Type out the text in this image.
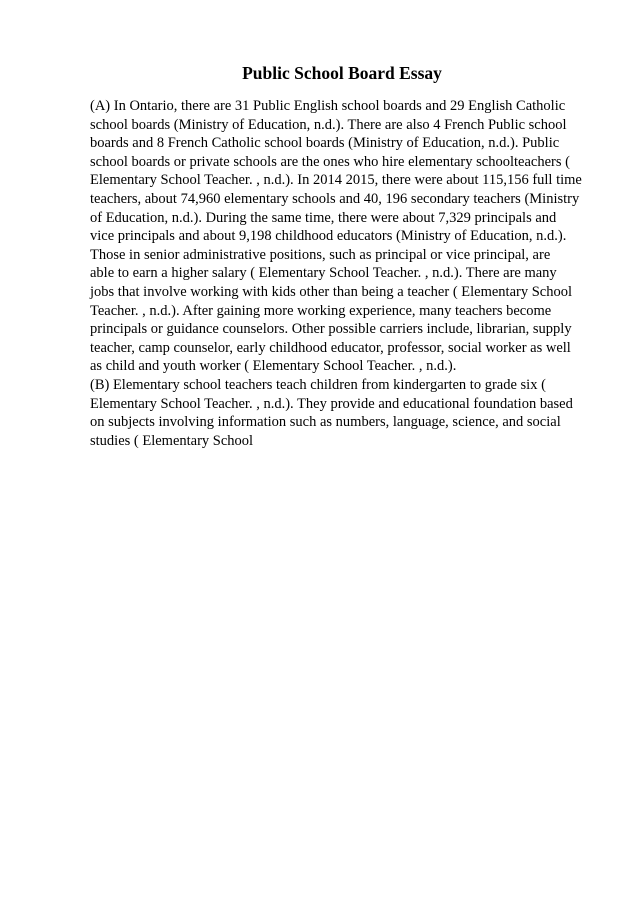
Public School Board Essay
(A) In Ontario, there are 31 Public English school boards and 29 English Catholic
school boards (Ministry of Education, n.d.). There are also 4 French Public school
boards and 8 French Catholic school boards (Ministry of Education, n.d.). Public
school boards or private schools are the ones who hire elementary schoolteachers (
Elementary School Teacher. , n.d.). In 2014 2015, there were about 115,156 full time
teachers, about 74,960 elementary schools and 40, 196 secondary teachers (Ministry
of Education, n.d.). During the same time, there were about 7,329 principals and
vice principals and about 9,198 childhood educators (Ministry of Education, n.d.).
Those in senior administrative positions, such as principal or vice principal, are
able to earn a higher salary ( Elementary School Teacher. , n.d.). There are many
jobs that involve working with kids other than being a teacher ( Elementary School
Teacher. , n.d.). After gaining more working experience, many teachers become
principals or guidance counselors. Other possible carriers include, librarian, supply
teacher, camp counselor, early childhood educator, professor, social worker as well
as child and youth worker ( Elementary School Teacher. , n.d.).
(B) Elementary school teachers teach children from kindergarten to grade six (
Elementary School Teacher. , n.d.). They provide and educational foundation based
on subjects involving information such as numbers, language, science, and social
studies ( Elementary School
